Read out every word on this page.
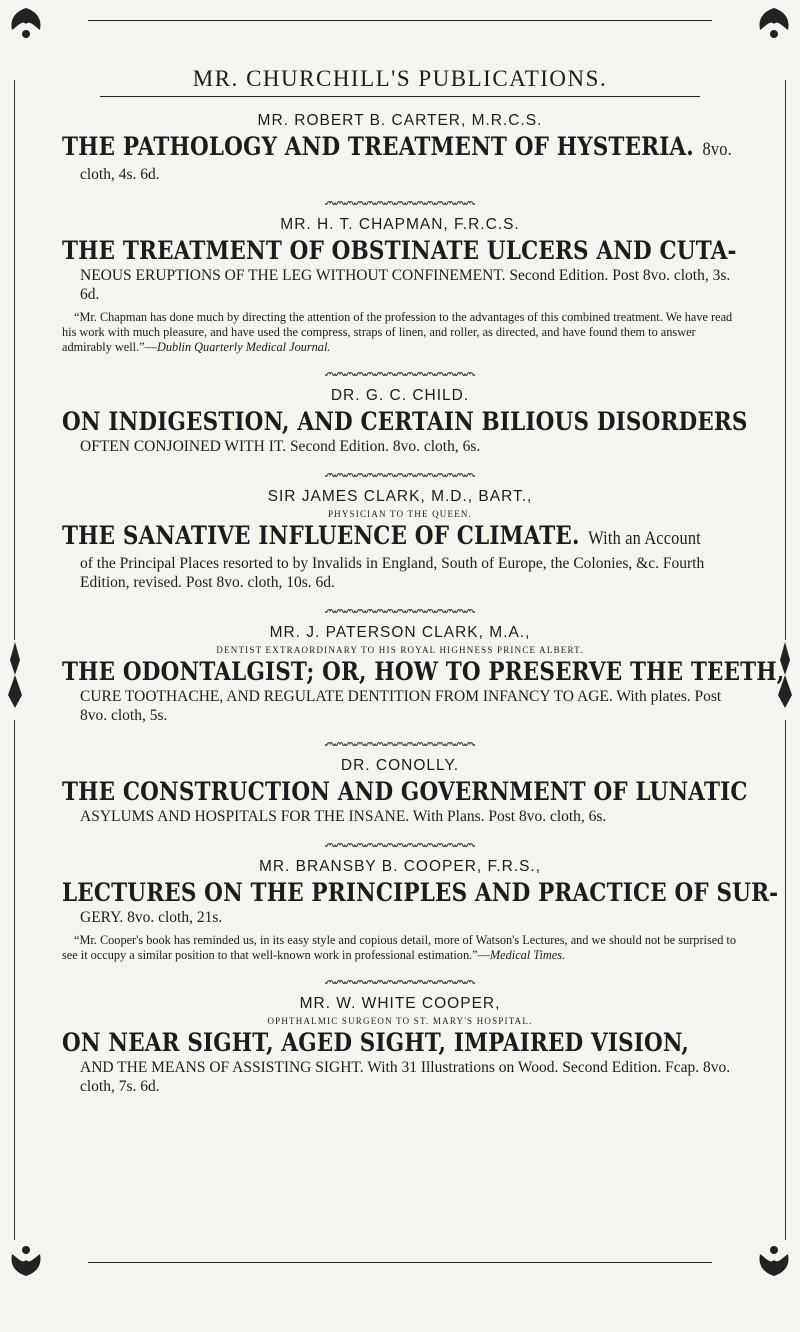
MR. CHURCHILL'S PUBLICATIONS.

MR. ROBERT B. CARTER, M.R.C.S.

THE PATHOLOGY AND TREATMENT OF HYSTERIA. 8vo.

cloth, 4s. 6d.

MR. H. T. CHAPMAN, F.R.C.S.

THE TREATMENT OF OBSTINATE ULCERS AND CUTA-

NEOUS ERUPTIONS OF THE LEG WITHOUT CONFINEMENT. Second Edition. Post 8vo. cloth, 3s. 6d.

“Mr. Chapman has done much by directing the attention of the profession to the advantages of this combined treatment. We have read his work with much pleasure, and have used the compress, straps of linen, and roller, as directed, and have found them to answer admirably well.”—Dublin Quarterly Medical Journal.

DR. G. C. CHILD.

ON INDIGESTION, AND CERTAIN BILIOUS DISORDERS

OFTEN CONJOINED WITH IT. Second Edition. 8vo. cloth, 6s.

SIR JAMES CLARK, M.D., BART.,

PHYSICIAN TO THE QUEEN.

THE SANATIVE INFLUENCE OF CLIMATE. With an Account

of the Principal Places resorted to by Invalids in England, South of Europe, the Colonies, &c. Fourth Edition, revised. Post 8vo. cloth, 10s. 6d.

MR. J. PATERSON CLARK, M.A.,

DENTIST EXTRAORDINARY TO HIS ROYAL HIGHNESS PRINCE ALBERT.

THE ODONTALGIST; OR, HOW TO PRESERVE THE TEETH,

CURE TOOTHACHE, AND REGULATE DENTITION FROM INFANCY TO AGE. With plates. Post 8vo. cloth, 5s.

DR. CONOLLY.

THE CONSTRUCTION AND GOVERNMENT OF LUNATIC

ASYLUMS AND HOSPITALS FOR THE INSANE. With Plans. Post 8vo. cloth, 6s.

MR. BRANSBY B. COOPER, F.R.S.,

LECTURES ON THE PRINCIPLES AND PRACTICE OF SUR-

GERY. 8vo. cloth, 21s.

“Mr. Cooper's book has reminded us, in its easy style and copious detail, more of Watson's Lectures, and we should not be surprised to see it occupy a similar position to that well-known work in professional estimation.”—Medical Times.

MR. W. WHITE COOPER,

OPHTHALMIC SURGEON TO ST. MARY'S HOSPITAL.

ON NEAR SIGHT, AGED SIGHT, IMPAIRED VISION,

AND THE MEANS OF ASSISTING SIGHT. With 31 Illustrations on Wood. Second Edition. Fcap. 8vo. cloth, 7s. 6d.
